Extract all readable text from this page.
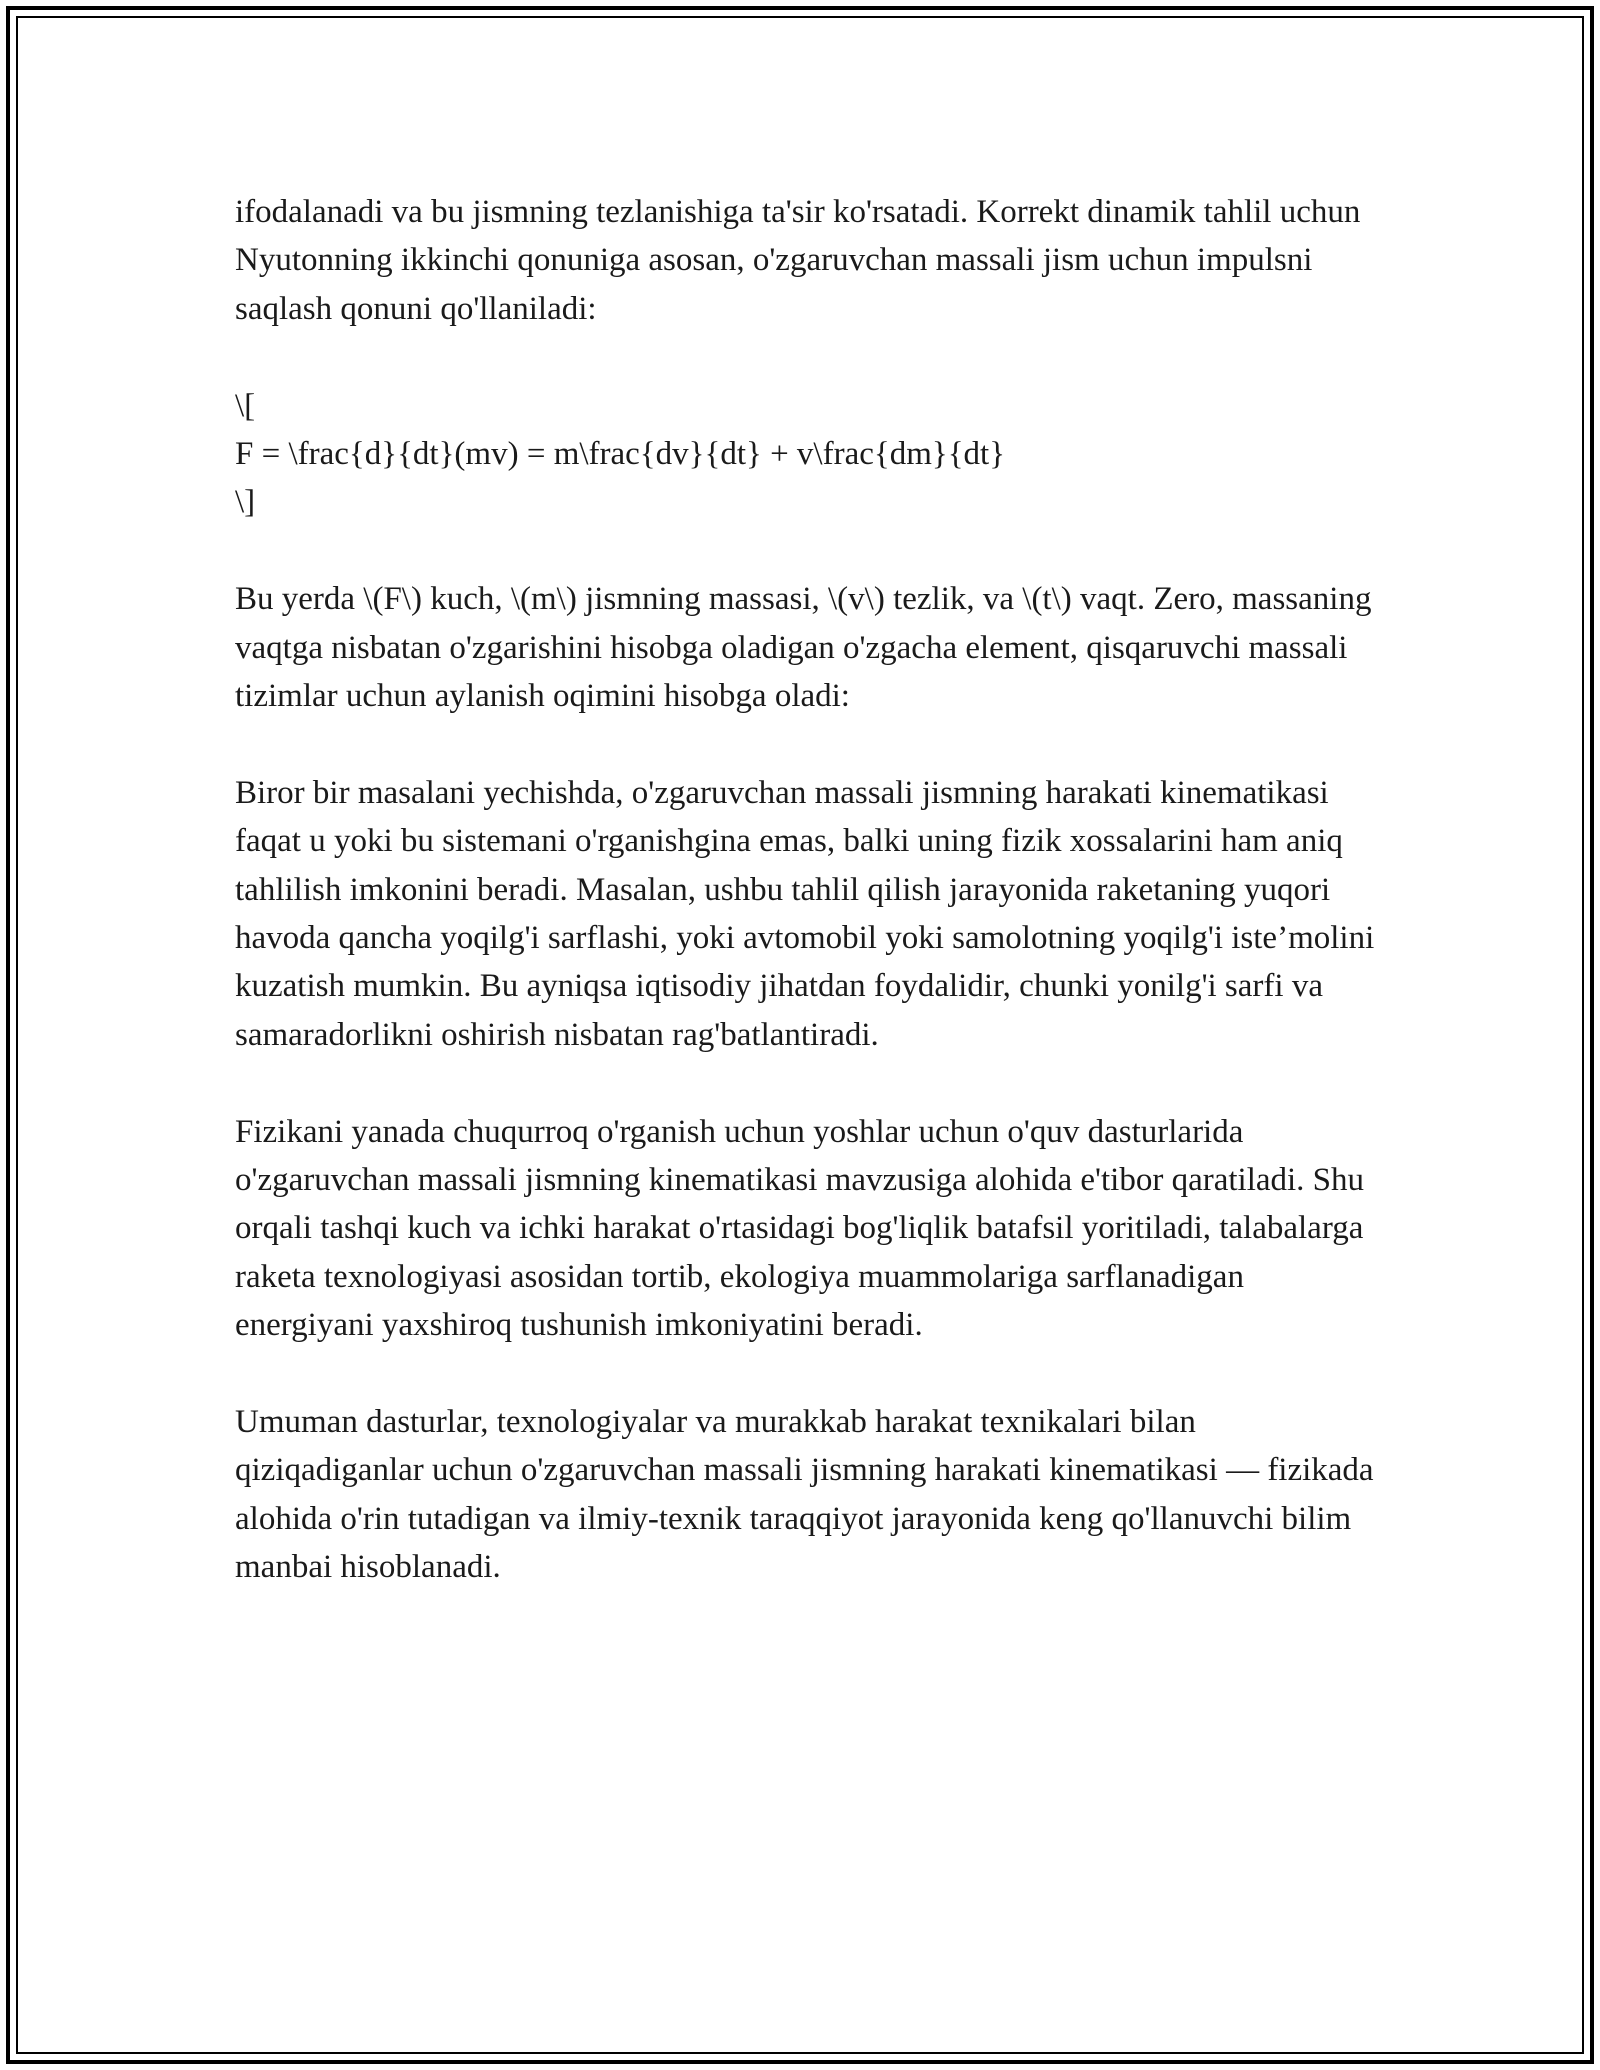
ifodalanadi va bu jismning tezlanishiga ta'sir ko'rsatadi. Korrekt dinamik tahlil uchun Nyutonning ikkinchi qonuniga asosan, o'zgaruvchan massali jism uchun impulsni saqlash qonuni qo'llaniladi:

\[
F = \frac{d}{dt}(mv) = m\frac{dv}{dt} + v\frac{dm}{dt}
\]

Bu yerda \(F\) kuch, \(m\) jismning massasi, \(v\) tezlik, va \(t\) vaqt. Zero, massaning vaqtga nisbatan o'zgarishini hisobga oladigan o'zgacha element, qisqaruvchi massali tizimlar uchun aylanish oqimini hisobga oladi:

Biror bir masalani yechishda, o'zgaruvchan massali jismning harakati kinematikasi faqat u yoki bu sistemani o'rganishgina emas, balki uning fizik xossalarini ham aniq tahlilish imkonini beradi. Masalan, ushbu tahlil qilish jarayonida raketaning yuqori havoda qancha yoqilg'i sarflashi, yoki avtomobil yoki samolotning yoqilg'i iste’molini kuzatish mumkin. Bu ayniqsa iqtisodiy jihatdan foydalidir, chunki yonilg'i sarfi va samaradorlikni oshirish nisbatan rag'batlantiradi.

Fizikani yanada chuqurroq o'rganish uchun yoshlar uchun o'quv dasturlarida o'zgaruvchan massali jismning kinematikasi mavzusiga alohida e'tibor qaratiladi. Shu orqali tashqi kuch va ichki harakat o'rtasidagi bog'liqlik batafsil yoritiladi, talabalarga raketa texnologiyasi asosidan tortib, ekologiya muammolariga sarflanadigan energiyani yaxshiroq tushunish imkoniyatini beradi.

Umuman dasturlar, texnologiyalar va murakkab harakat texnikalari bilan qiziqadiganlar uchun o'zgaruvchan massali jismning harakati kinematikasi — fizikada alohida o'rin tutadigan va ilmiy-texnik taraqqiyot jarayonida keng qo'llanuvchi bilim manbai hisoblanadi.
